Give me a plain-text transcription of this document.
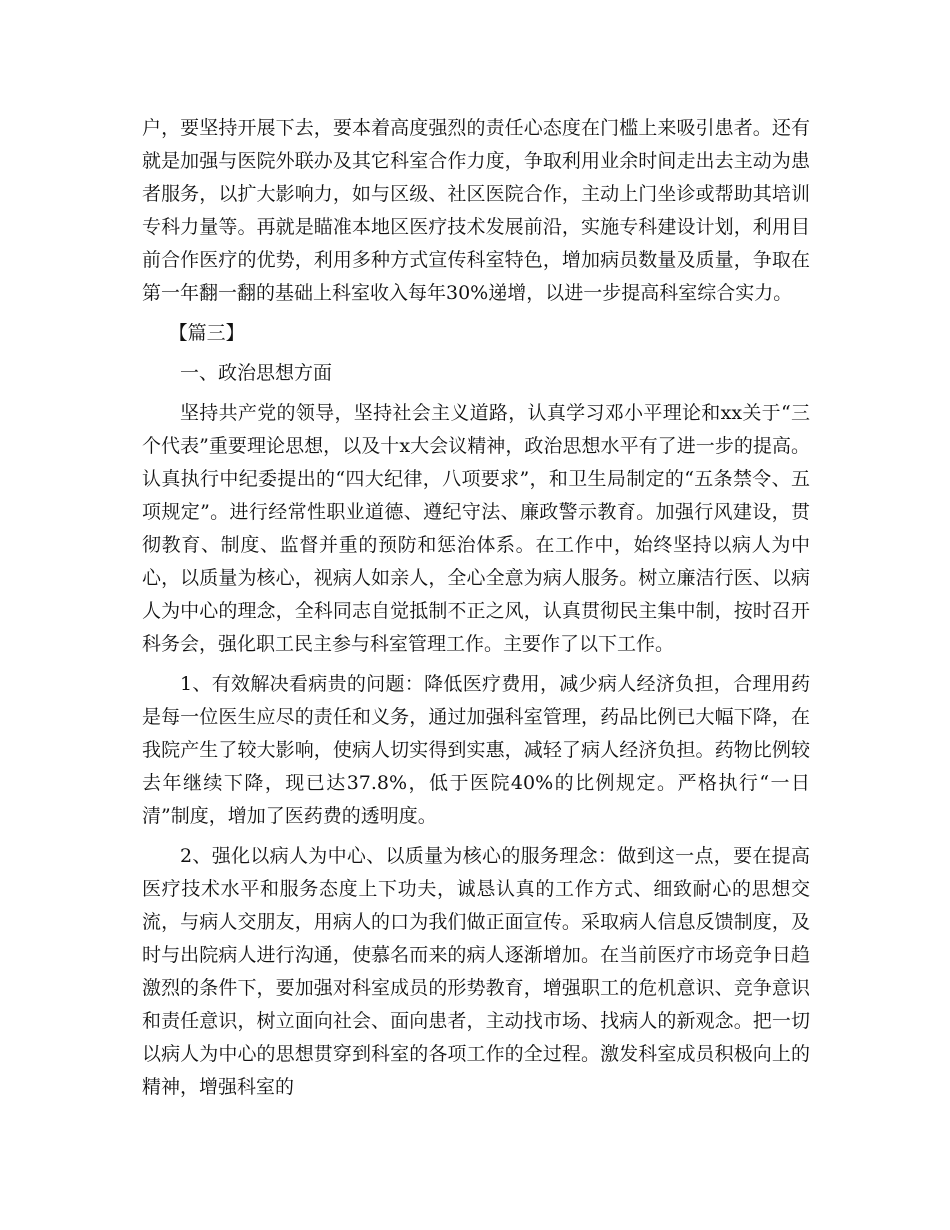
户，要坚持开展下去，要本着高度强烈的责任心态度在门槛上来吸引患者。还有就是加强与医院外联办及其它科室合作力度，争取利用业余时间走出去主动为患者服务，以扩大影响力，如与区级、社区医院合作，主动上门坐诊或帮助其培训专科力量等。再就是瞄准本地区医疗技术发展前沿，实施专科建设计划，利用目前合作医疗的优势，利用多种方式宣传科室特色，增加病员数量及质量，争取在第一年翻一翻的基础上科室收入每年30%递增，以进一步提高科室综合实力。

【篇三】

一、政治思想方面

坚持共产党的领导，坚持社会主义道路，认真学习邓小平理论和xx关于“三个代表”重要理论思想，以及十x大会议精神，政治思想水平有了进一步的提高。认真执行中纪委提出的“四大纪律，八项要求”，和卫生局制定的“五条禁令、五项规定”。进行经常性职业道德、遵纪守法、廉政警示教育。加强行风建设，贯彻教育、制度、监督并重的预防和惩治体系。在工作中，始终坚持以病人为中心，以质量为核心，视病人如亲人，全心全意为病人服务。树立廉洁行医、以病人为中心的理念，全科同志自觉抵制不正之风，认真贯彻民主集中制，按时召开科务会，强化职工民主参与科室管理工作。主要作了以下工作。

1、有效解决看病贵的问题：降低医疗费用，减少病人经济负担，合理用药是每一位医生应尽的责任和义务，通过加强科室管理，药品比例已大幅下降，在我院产生了较大影响，使病人切实得到实惠，减轻了病人经济负担。药物比例较去年继续下降，现已达37.8%，低于医院40%的比例规定。严格执行“一日清”制度，增加了医药费的透明度。

2、强化以病人为中心、以质量为核心的服务理念：做到这一点，要在提高医疗技术水平和服务态度上下功夫，诚恳认真的工作方式、细致耐心的思想交流，与病人交朋友，用病人的口为我们做正面宣传。采取病人信息反馈制度，及时与出院病人进行沟通，使慕名而来的病人逐渐增加。在当前医疗市场竞争日趋激烈的条件下，要加强对科室成员的形势教育，增强职工的危机意识、竞争意识和责任意识，树立面向社会、面向患者，主动找市场、找病人的新观念。把一切以病人为中心的思想贯穿到科室的各项工作的全过程。激发科室成员积极向上的精神，增强科室的
